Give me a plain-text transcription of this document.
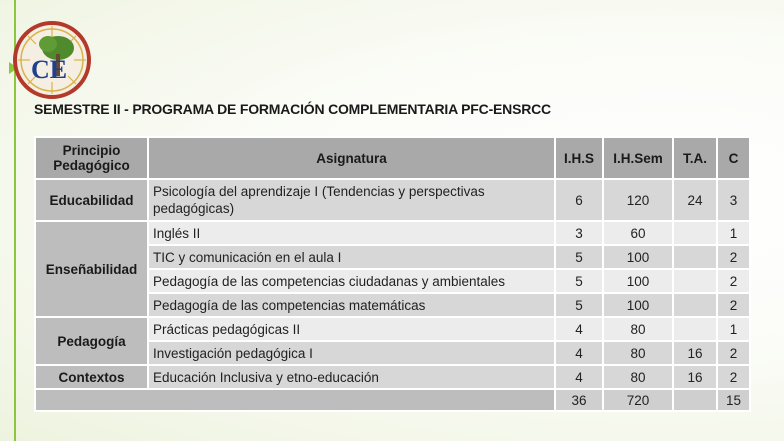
CE
SEMESTRE II - PROGRAMA DE FORMACIÓN COMPLEMENTARIA PFC-ENSRCC
Principio
Pedagógico	Asignatura	I.H.S	I.H.Sem	T.A.	C
Educabilidad	Psicología del aprendizaje I (Tendencias y perspectivas pedagógicas)	6	120	24	3
Enseñabilidad	Inglés II	3	60		1
	TIC y comunicación en el aula I	5	100		2
	Pedagogía de las competencias ciudadanas y ambientales	5	100		2
	Pedagogía de las competencias matemáticas	5	100		2
Pedagogía	Prácticas pedagógicas II	4	80		1
	Investigación pedagógica I	4	80	16	2
Contextos	Educación Inclusiva y etno-educación	4	80	16	2
		36	720		15
